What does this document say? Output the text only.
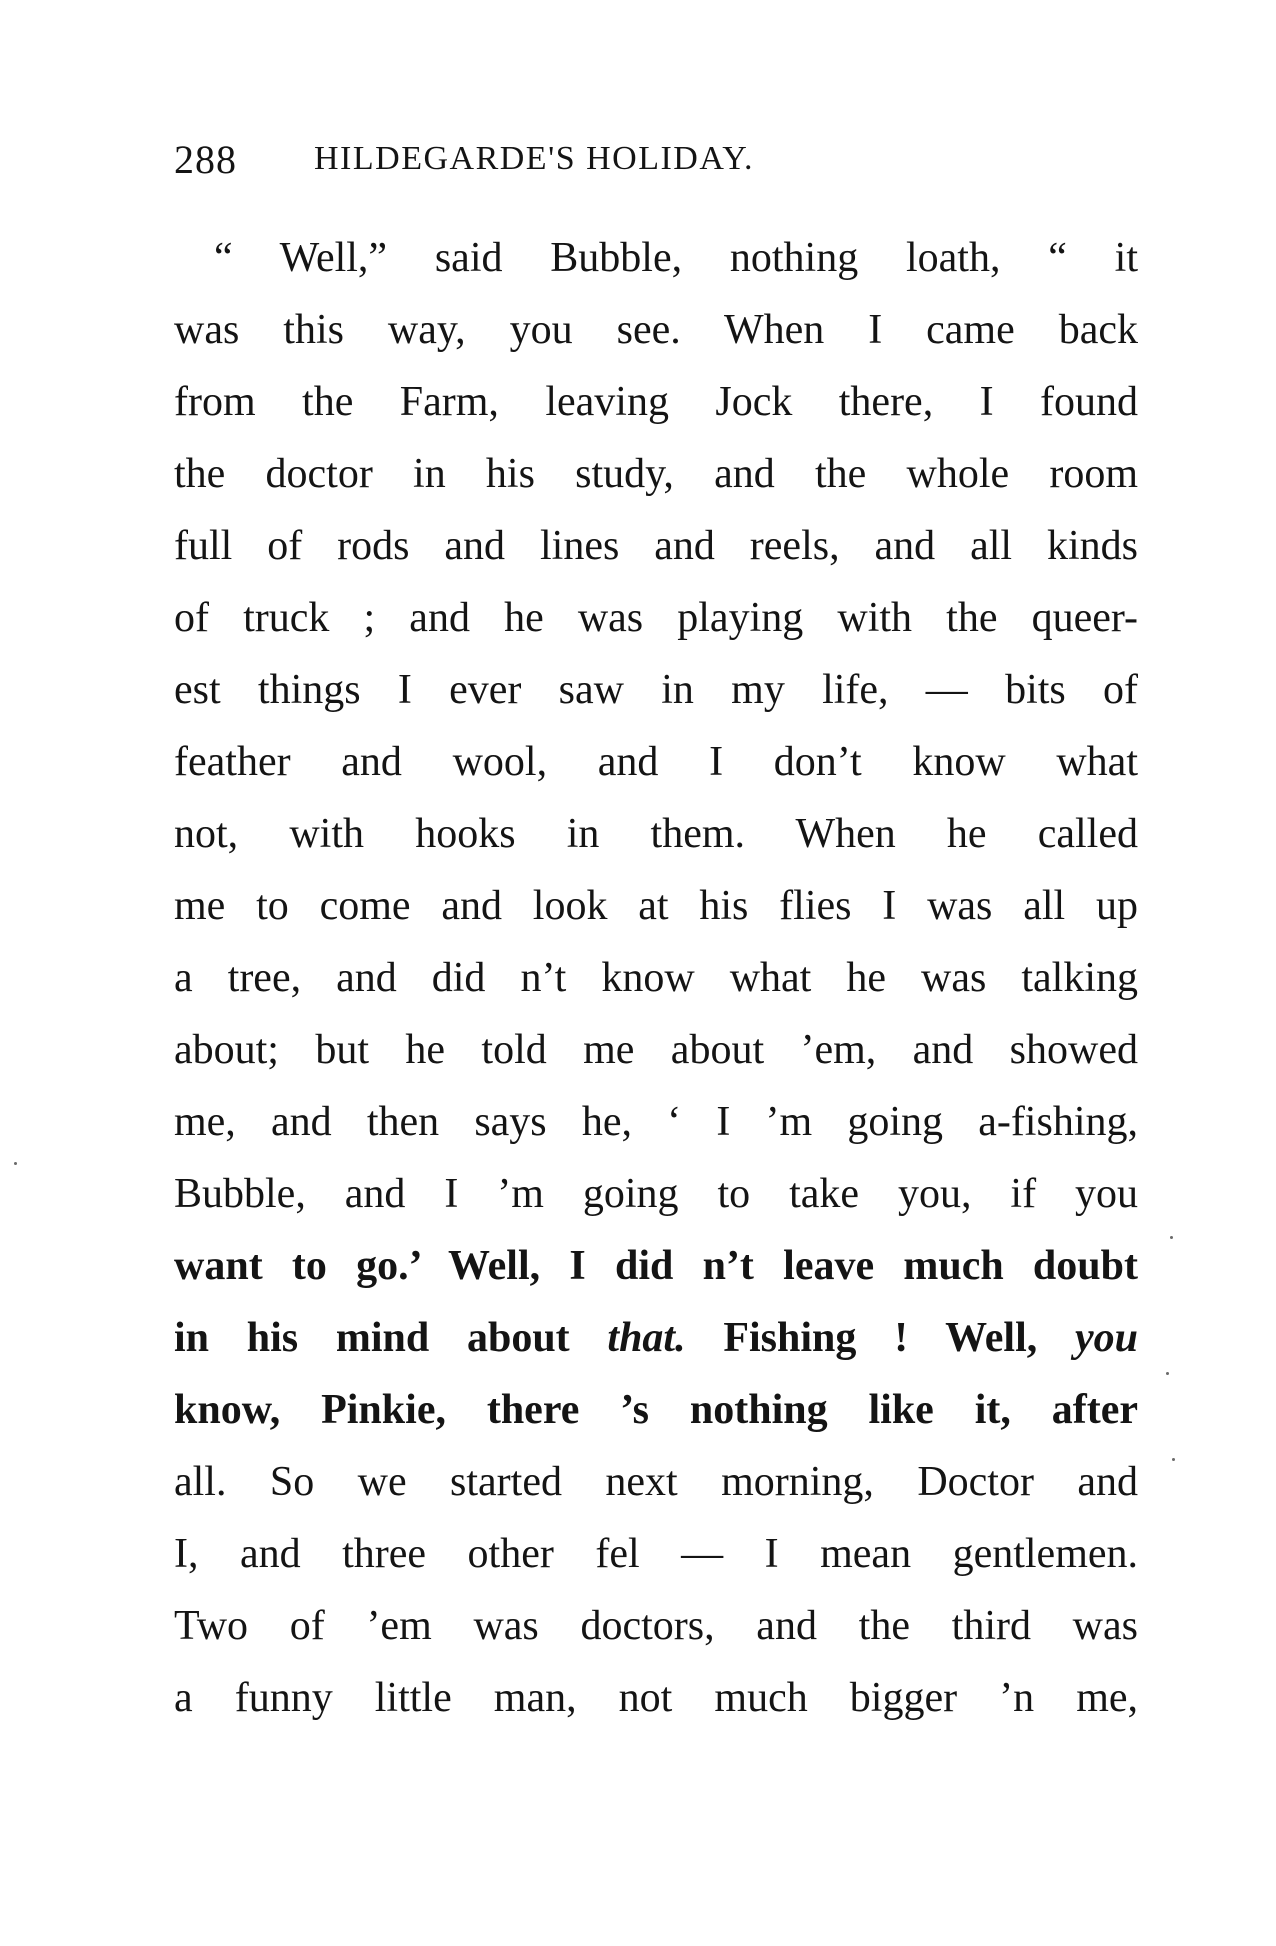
288 HILDEGARDE'S HOLIDAY.
“ Well,” said Bubble, nothing loath, “ it
was this way, you see. When I came back
from the Farm, leaving Jock there, I found
the doctor in his study, and the whole room
full of rods and lines and reels, and all kinds
of truck ; and he was playing with the queer-
est things I ever saw in my life, — bits of
feather and wool, and I don’t know what
not, with hooks in them. When he called
me to come and look at his flies I was all up
a tree, and did n’t know what he was talking
about; but he told me about ’em, and showed
me, and then says he, ‘ I ’m going a-fishing,
Bubble, and I ’m going to take you, if you
want to go.’ Well, I did n’t leave much doubt
in his mind about that. Fishing ! Well, you
know, Pinkie, there ’s nothing like it, after
all. So we started next morning, Doctor and
I, and three other fel — I mean gentlemen.
Two of ’em was doctors, and the third was
a funny little man, not much bigger ’n me,
